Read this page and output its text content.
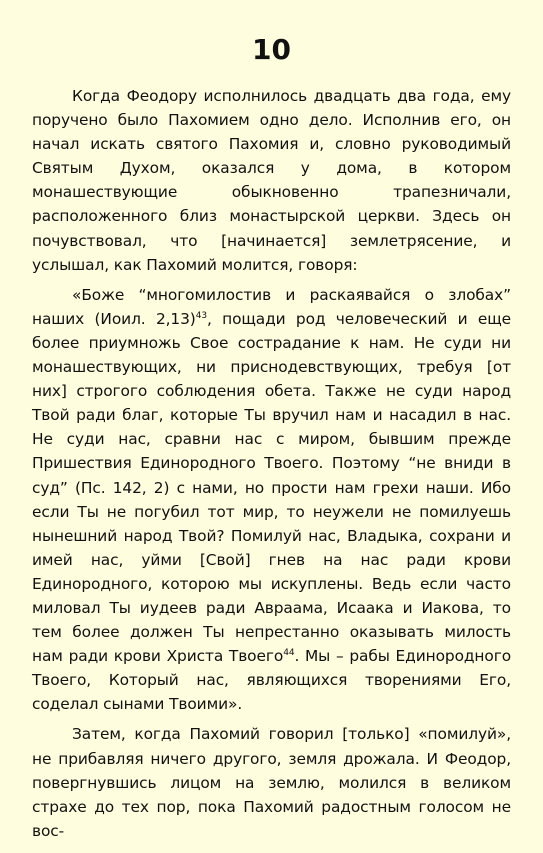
10

Когда Феодору исполнилось двадцать два года, ему поручено было Пахомием одно дело. Исполнив его, он начал искать святого Пахомия и, словно руководимый Святым Духом, оказался у дома, в котором монашествующие обыкновенно трапезничали, расположенного близ монастырской церкви. Здесь он почувствовал, что [начинается] землетрясение, и услышал, как Пахомий молится, говоря:

«Боже “многомилостив и раскаявайся о злобах” наших (Иоил. 2,13)$^{43}$, пощади род человеческий и еще более приумножь Свое сострадание к нам. Не суди ни монашествующих, ни приснодевствующих, требуя [от них] строгого соблюдения обета. Также не суди народ Твой ради благ, которые Ты вручил нам и насадил в нас. Не суди нас, сравни нас с миром, бывшим прежде Пришествия Единородного Твоего. Поэтому “не вниди в суд” (Пс. 142, 2) с нами, но прости нам грехи наши. Ибо если Ты не погубил тот мир, то неужели не помилуешь нынешний народ Твой? Помилуй нас, Владыка, сохрани и имей нас, уйми [Свой] гнев на нас ради крови Единородного, которою мы искуплены. Ведь если часто миловал Ты иудеев ради Авраама, Исаака и Иакова, то тем более должен Ты непрестанно оказывать милость нам ради крови Христа Твоего$^{44}$. Мы – рабы Единородного Твоего, Который нас, являющихся творениями Его, соделал сынами Твоими».

Затем, когда Пахомий говорил [только] «помилуй», не прибавляя ничего другого, земля дрожала. И Феодор, повергнувшись лицом на землю, молился в великом страхе до тех пор, пока Пахомий радостным голосом не вос-
